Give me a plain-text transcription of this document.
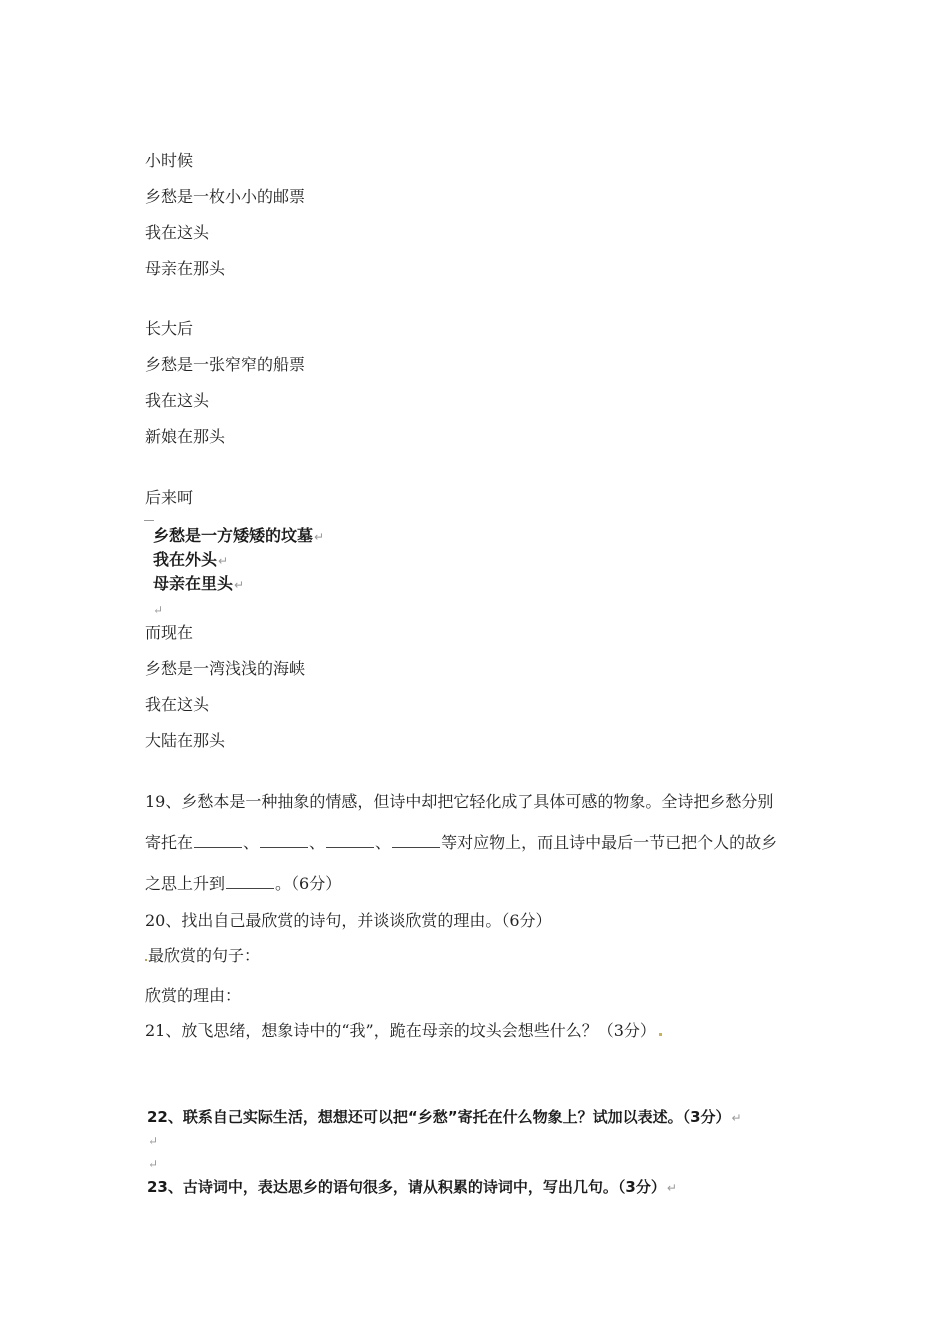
小时候
乡愁是一枚小小的邮票
我在这头
母亲在那头
长大后
乡愁是一张窄窄的船票
我在这头
新娘在那头
后来呵
乡愁是一方矮矮的坟墓↵
我在外头↵
母亲在里头↵
↵
而现在
乡愁是一湾浅浅的海峡
我在这头
大陆在那头
19、乡愁本是一种抽象的情感，但诗中却把它轻化成了具体可感的物象。全诗把乡愁分别
寄托在	、	、	、	等对应物上，而且诗中最后一节已把个人的故乡
之思上升到	。（6分）
20、找出自己最欣赏的诗句，并谈谈欣赏的理由。（6分）
最欣赏的句子：
欣赏的理由：
21、放飞思绪，想象诗中的“我”，跪在母亲的坟头会想些什么？（3分）
22、联系自己实际生活，想想还可以把“乡愁”寄托在什么物象上？试加以表述。（3分）↵
↵
↵
23、古诗词中，表达思乡的语句很多，请从积累的诗词中，写出几句。（3分）↵
